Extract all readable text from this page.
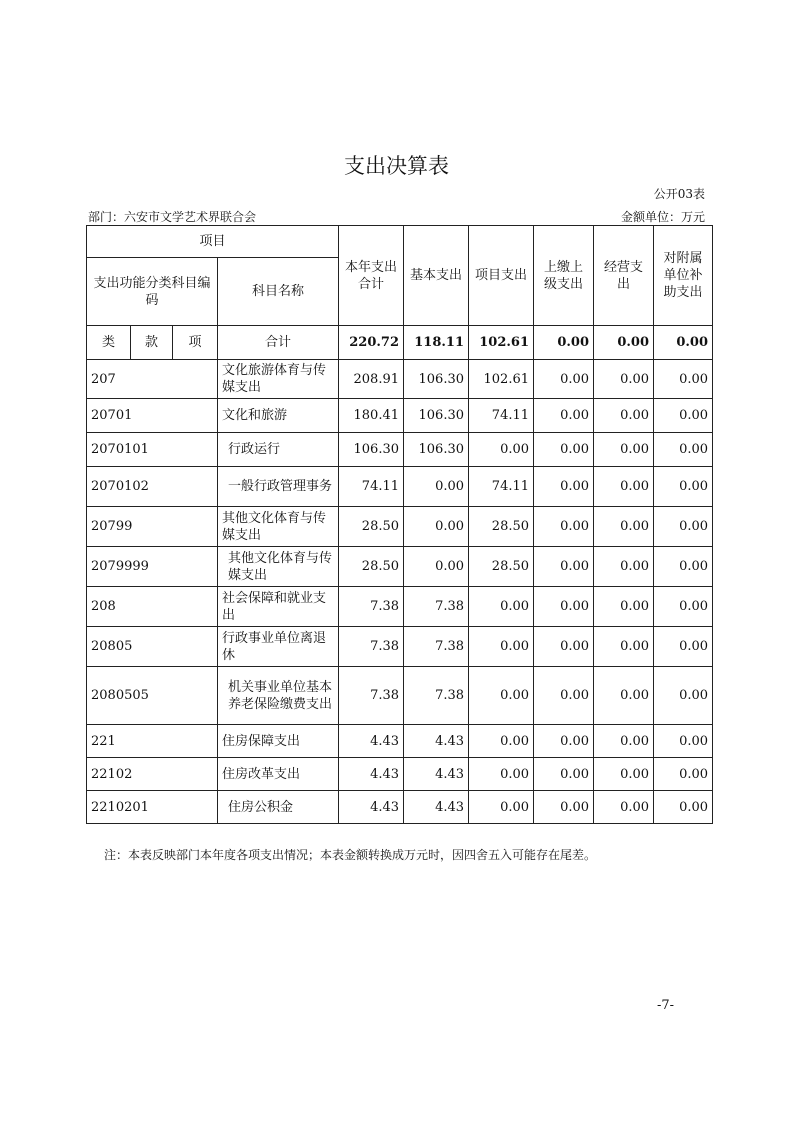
支出决算表
公开03表
部门：六安市文学艺术界联合会	金额单位：万元
项目				本年支出合计	基本支出	项目支出	上缴上级支出	经营支出	对附属单位补助支出
支出功能分类科目编码			科目名称						
类	款	项	合计	220.72	118.11	102.61	0.00	0.00	0.00
207			文化旅游体育与传媒支出	208.91	106.30	102.61	0.00	0.00	0.00
20701			文化和旅游	180.41	106.30	74.11	0.00	0.00	0.00
2070101			行政运行	106.30	106.30	0.00	0.00	0.00	0.00
2070102			一般行政管理事务	74.11	0.00	74.11	0.00	0.00	0.00
20799			其他文化体育与传媒支出	28.50	0.00	28.50	0.00	0.00	0.00
2079999			其他文化体育与传媒支出	28.50	0.00	28.50	0.00	0.00	0.00
208			社会保障和就业支出	7.38	7.38	0.00	0.00	0.00	0.00
20805			行政事业单位离退休	7.38	7.38	0.00	0.00	0.00	0.00
2080505			机关事业单位基本养老保险缴费支出	7.38	7.38	0.00	0.00	0.00	0.00
221			住房保障支出	4.43	4.43	0.00	0.00	0.00	0.00
22102			住房改革支出	4.43	4.43	0.00	0.00	0.00	0.00
2210201			住房公积金	4.43	4.43	0.00	0.00	0.00	0.00
注：本表反映部门本年度各项支出情况；本表金额转换成万元时，因四舍五入可能存在尾差。
-7-
